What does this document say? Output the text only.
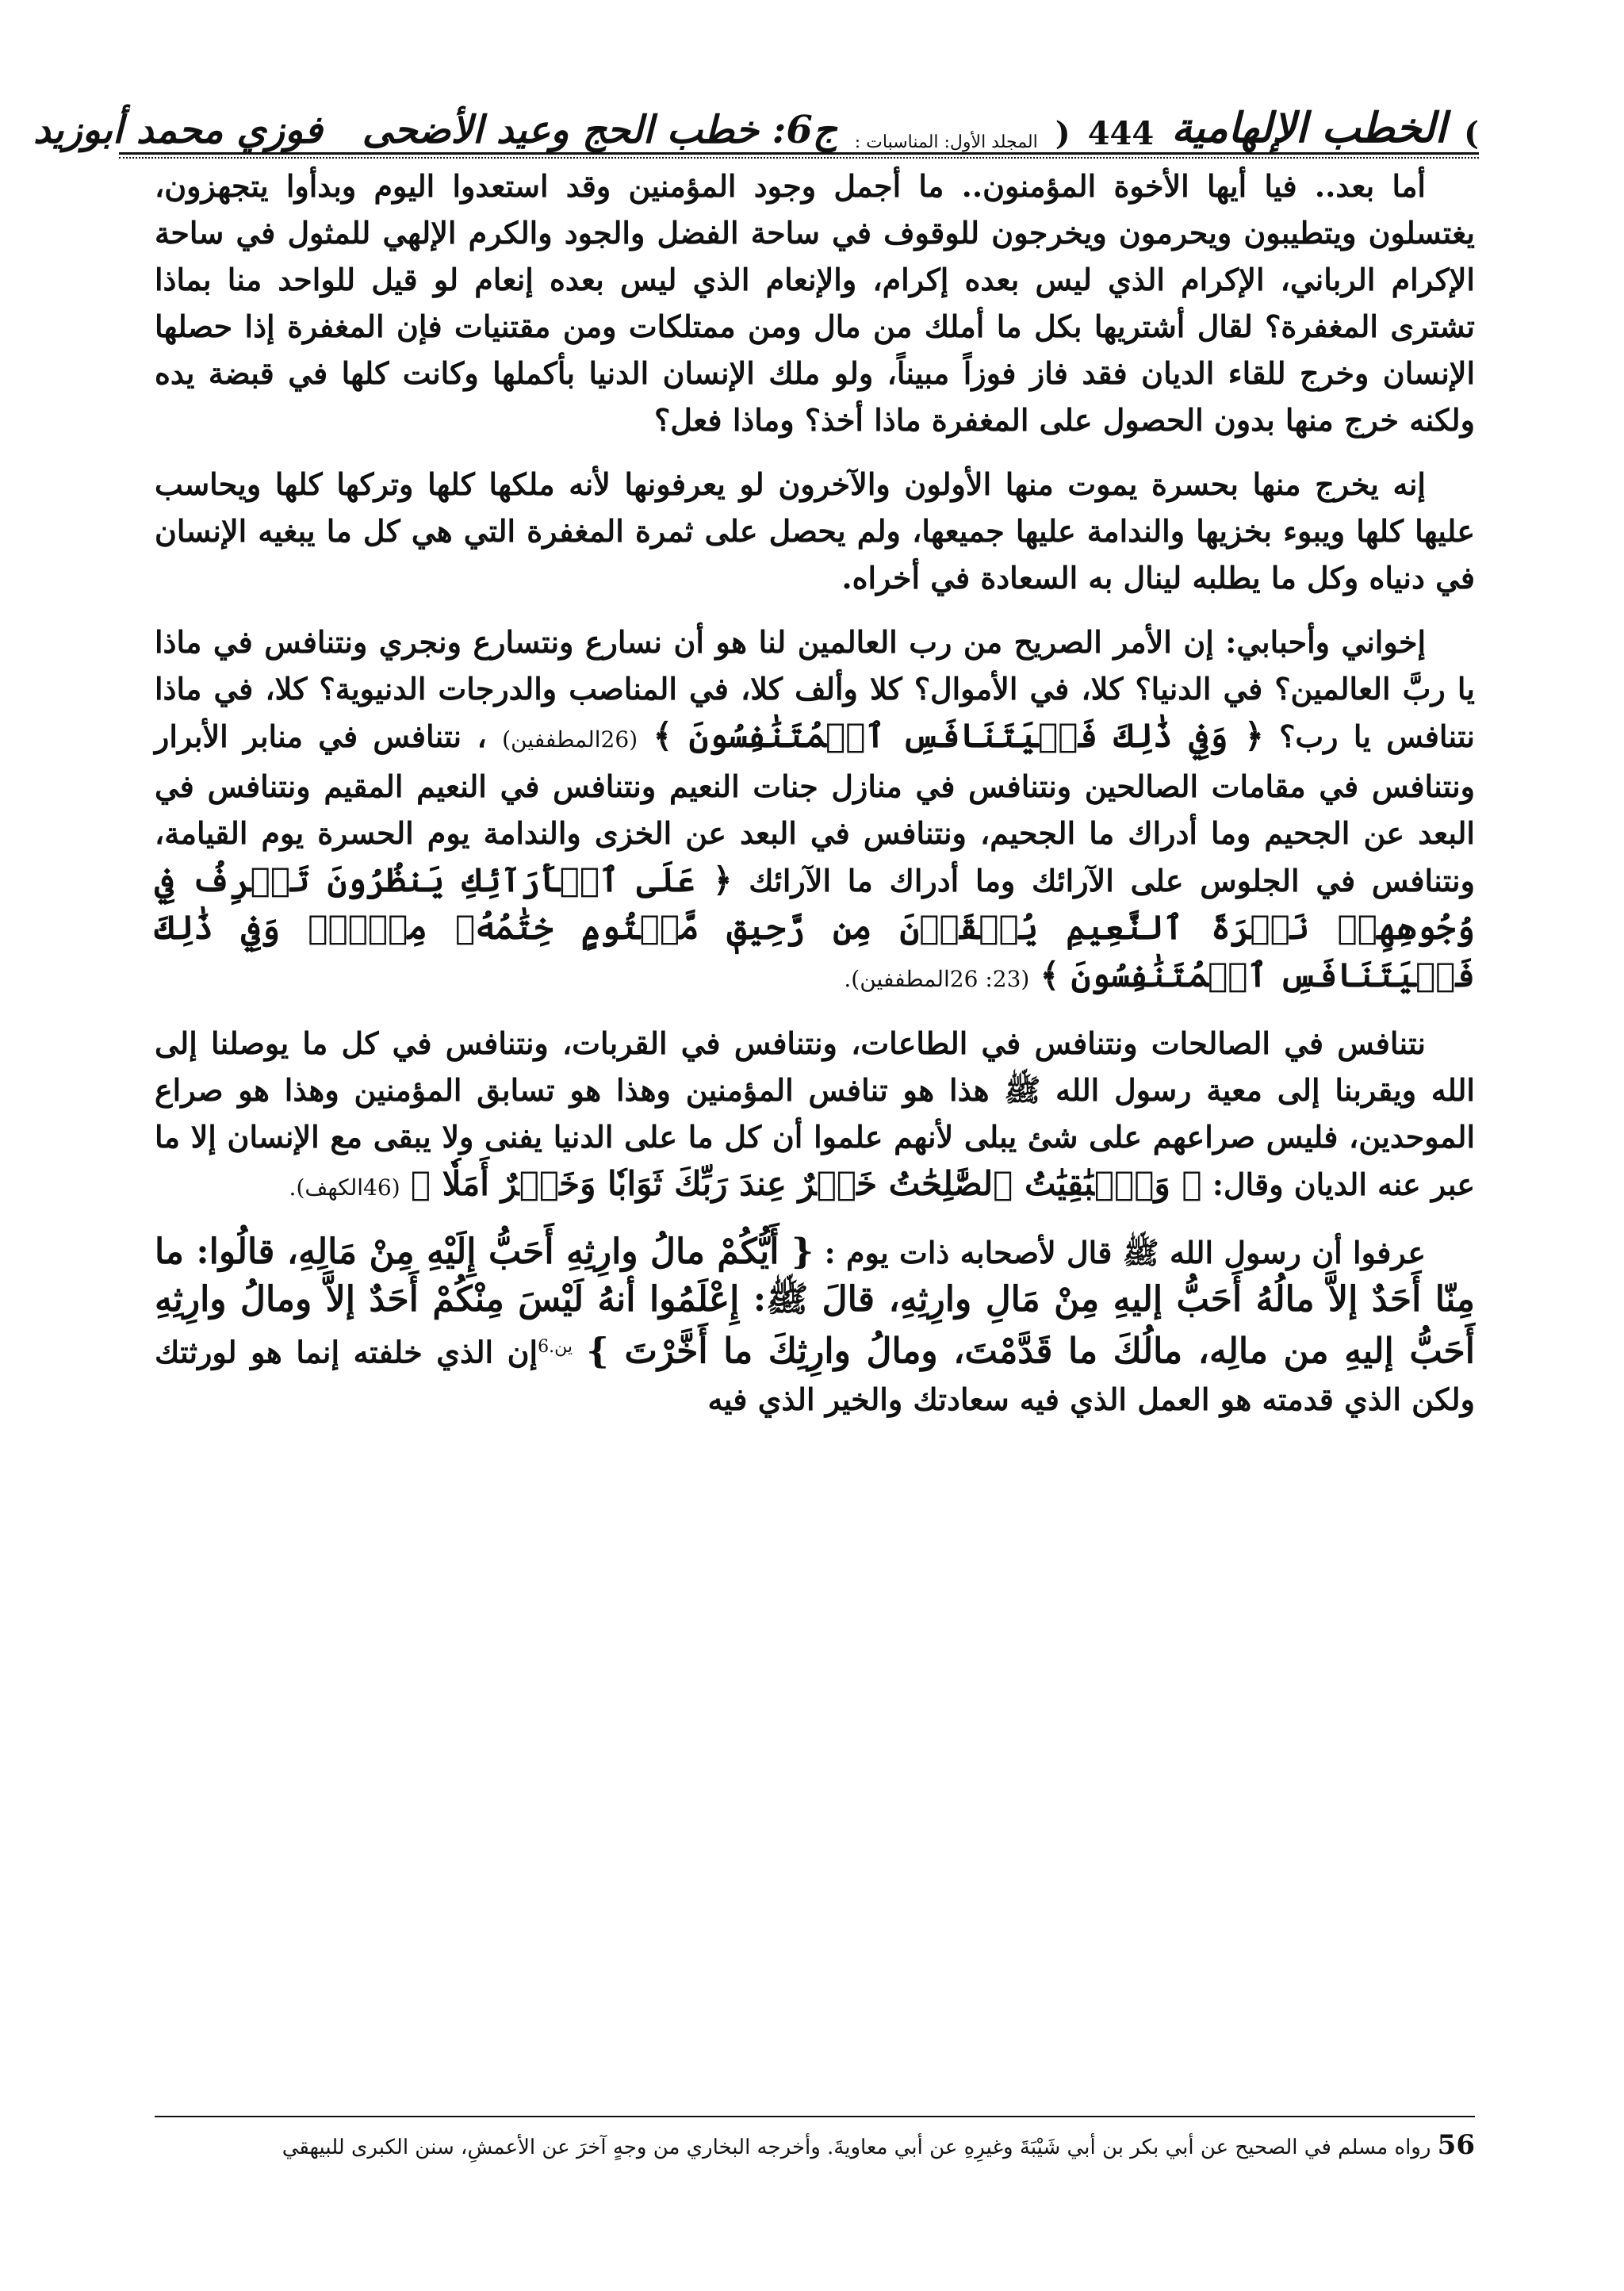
)
الخطب الإلهامية
444
(
المجلد الأول: المناسبات :
ج6: خطب الحج وعيد الأضحى
فوزي محمد أبوزيد

أما بعد.. فيا أيها الأخوة المؤمنون.. ما أجمل وجود المؤمنين وقد استعدوا اليوم وبدأوا يتجهزون، يغتسلون ويتطيبون ويحرمون ويخرجون للوقوف في ساحة الفضل والجود والكرم الإلهي للمثول في ساحة الإكرام الرباني، الإكرام الذي ليس بعده إكرام، والإنعام الذي ليس بعده إنعام لو قيل للواحد منا بماذا تشترى المغفرة؟ لقال أشتريها بكل ما أملك من مال ومن ممتلكات ومن مقتنيات فإن المغفرة إذا حصلها الإنسان وخرج للقاء الديان فقد فاز فوزاً مبيناً، ولو ملك الإنسان الدنيا بأكملها وكانت كلها في قبضة يده ولكنه خرج منها بدون الحصول على المغفرة ماذا أخذ؟ وماذا فعل؟

إنه يخرج منها بحسرة يموت منها الأولون والآخرون لو يعرفونها لأنه ملكها كلها وتركها كلها ويحاسب عليها كلها ويبوء بخزيها والندامة عليها جميعها، ولم يحصل على ثمرة المغفرة التي هي كل ما يبغيه الإنسان في دنياه وكل ما يطلبه لينال به السعادة في أخراه.

إخواني وأحبابي: إن الأمر الصريح من رب العالمين لنا هو أن نسارع ونتسارع ونجري ونتنافس في ماذا يا ربَّ العالمين؟ في الدنيا؟ كلا، في الأموال؟ كلا وألف كلا، في المناصب والدرجات الدنيوية؟ كلا، في ماذا نتنافس يا رب؟ ﴿ وَفِي ذَٰلِكَ فَلۡيَتَنَافَسِ ٱلۡمُتَنَٰفِسُونَ ﴾ (26المطففين) ، نتنافس في منابر الأبرار ونتنافس في مقامات الصالحين ونتنافس في منازل جنات النعيم ونتنافس في النعيم المقيم ونتنافس في البعد عن الجحيم وما أدراك ما الجحيم، ونتنافس في البعد عن الخزى والندامة يوم الحسرة يوم القيامة، ونتنافس في الجلوس على الآرائك وما أدراك ما الآرائك ﴿ عَلَى ٱلۡأَرَآئِكِ يَنظُرُونَ تَعۡرِفُ فِي وُجُوهِهِمۡ نَضۡرَةَ ٱلنَّعِيمِ يُسۡقَوۡنَ مِن رَّحِيقٖ مَّخۡتُومٍ خِتَٰمُهُۥ مِسۡكٞۚ وَفِي ذَٰلِكَ فَلۡيَتَنَافَسِ ٱلۡمُتَنَٰفِسُونَ ﴾ (23: 26المطففين).

نتنافس في الصالحات ونتنافس في الطاعات، ونتنافس في القربات، ونتنافس في كل ما يوصلنا إلى الله ويقربنا إلى معية رسول الله ﷺ هذا هو تنافس المؤمنين وهذا هو تسابق المؤمنين وهذا هو صراع الموحدين، فليس صراعهم على شئ يبلى لأنهم علموا أن كل ما على الدنيا يفنى ولا يبقى مع الإنسان إلا ما عبر عنه الديان وقال: ﴿ وَٱلۡبَٰقِيَٰتُ ٱلصَّٰلِحَٰتُ خَيۡرٌ عِندَ رَبِّكَ ثَوَابٗا وَخَيۡرٌ أَمَلٗا ﴾ (46الكهف).

عرفوا أن رسول الله ﷺ قال لأصحابه ذات يوم : { أَيُّكُمْ مالُ وارِثِهِ أَحَبُّ إِلَيْهِ مِنْ مَالِهِ، قالُوا: ما مِنّا أَحَدٌ إلاَّ مالُهُ أَحَبُّ إليهِ مِنْ مَالِ وارِثِهِ، قالَ ﷺ: إِعْلَمُوا أنهُ لَيْسَ مِنْكُمْ أَحَدٌ إلاَّ ومالُ وارِثِهِ أَحَبُّ إليهِ من مالِه، مالُكَ ما قَدَّمْتَ، ومالُ وارِثِكَ ما أَخَّرْتَ } $^{ين.6}$إن الذي خلفته إنما هو لورثتك ولكن الذي قدمته هو العمل الذي فيه سعادتك والخير الذي فيه

56 رواه مسلم في الصحيح عن أبي بكر بن أبي شَيْبَةَ وغيرِهِ عن أبي معاويةَ. وأخرجه البخاري من وجهٍ آخرَ عن الأعمشِ، سنن الكبرى للبيهقي
